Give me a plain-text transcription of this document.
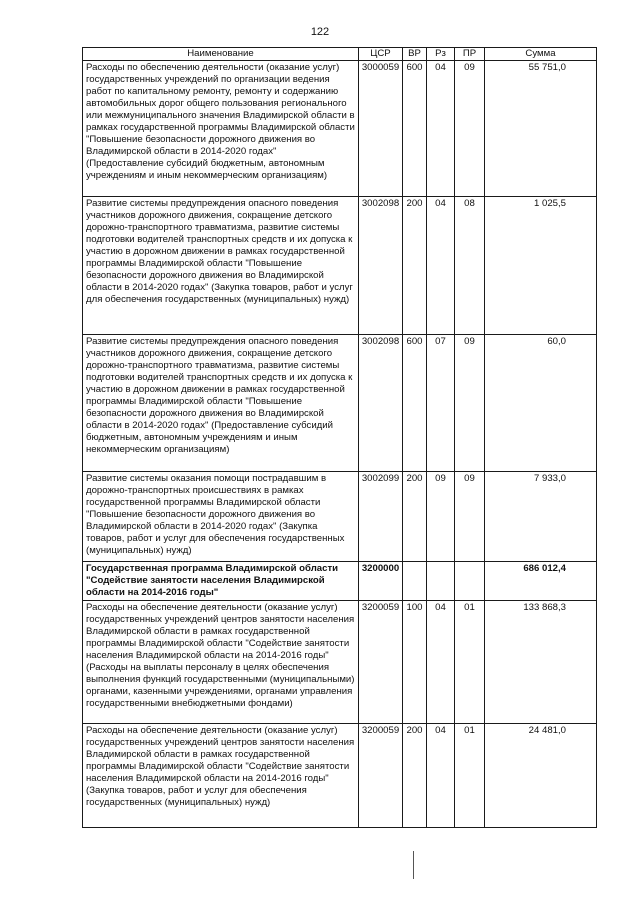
122
Наименование	ЦСР	ВР	Рз	ПР	Сумма
Расходы по обеспечению деятельности (оказание услуг) государственных учреждений по организации ведения работ по капитальному ремонту, ремонту и содержанию автомобильных дорог общего пользования регионального или межмуниципального значения Владимирской области в рамках государственной программы Владимирской области "Повышение безопасности дорожного движения во Владимирской области в 2014-2020 годах" (Предоставление субсидий бюджетным, автономным учреждениям и иным некоммерческим организациям)	3000059	600	04	09	55 751,0
Развитие системы предупреждения опасного поведения участников дорожного движения, сокращение детского дорожно-транспортного травматизма, развитие системы подготовки водителей транспортных средств и их допуска к участию в дорожном движении в рамках государственной программы Владимирской области "Повышение безопасности дорожного движения во Владимирской области в 2014-2020 годах" (Закупка товаров, работ и услуг для обеспечения государственных (муниципальных) нужд)	3002098	200	04	08	1 025,5
Развитие системы предупреждения опасного поведения участников дорожного движения, сокращение детского дорожно-транспортного травматизма, развитие системы подготовки водителей транспортных средств и их допуска к участию в дорожном движении в рамках государственной программы Владимирской области "Повышение безопасности дорожного движения во Владимирской области в 2014-2020 годах" (Предоставление субсидий бюджетным, автономным учреждениям и иным некоммерческим организациям)	3002098	600	07	09	60,0
Развитие системы оказания помощи пострадавшим в дорожно-транспортных происшествиях в рамках государственной программы Владимирской области "Повышение безопасности дорожного движения во Владимирской области в 2014-2020 годах" (Закупка товаров, работ и услуг для обеспечения государственных (муниципальных) нужд)	3002099	200	09	09	7 933,0
Государственная программа Владимирской области "Содействие занятости населения Владимирской области на 2014-2016 годы"	3200000				686 012,4
Расходы на обеспечение деятельности (оказание услуг) государственных учреждений центров занятости населения Владимирской области в рамках государственной программы Владимирской области "Содействие занятости населения Владимирской области на 2014-2016 годы" (Расходы на выплаты персоналу в целях обеспечения выполнения функций государственными (муниципальными) органами, казенными учреждениями, органами управления государственными внебюджетными фондами)	3200059	100	04	01	133 868,3
Расходы на обеспечение деятельности (оказание услуг) государственных учреждений центров занятости населения Владимирской области в рамках государственной программы Владимирской области "Содействие занятости населения Владимирской области на 2014-2016 годы" (Закупка товаров, работ и услуг для обеспечения государственных (муниципальных) нужд)	3200059	200	04	01	24 481,0
